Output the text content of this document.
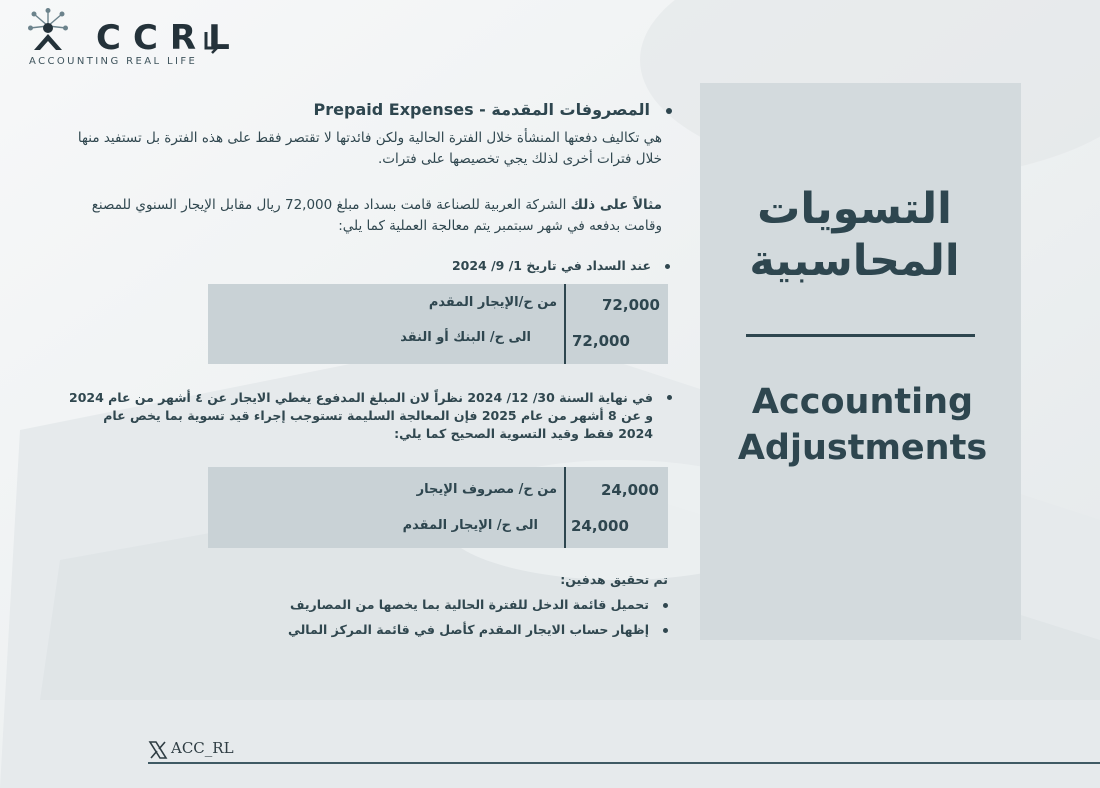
CCRL
ACCOUNTING REAL LIFE
التسويات
المحاسبية
Accounting
Adjustments
المصروفات المقدمة - Prepaid Expenses
هي تكاليف دفعتها المنشأة خلال الفترة الحالية ولكن فائدتها لا تقتصر فقط على هذه الفترة بل تستفيد منها خلال فترات أخرى لذلك يجي تخصيصها على فترات.
مثالاً على ذلك الشركة العربية للصناعة قامت بسداد مبلغ 72,000 ريال مقابل الإيجار السنوي للمصنع وقامت بدفعه في شهر سبتمبر يتم معالجة العملية كما يلي:
عند السداد في تاريخ 1/ 9/ 2024
من ح/الإيجار المقدم	72,000
الى ح/ البنك أو النقد	72,000
في نهاية السنة 30/ 12/ 2024 نظراً لان المبلغ المدفوع يغطي الايجار عن ٤ أشهر من عام 2024 و عن 8 أشهر من عام 2025 فإن المعالجة السليمة تستوجب إجراء قيد تسوية بما يخص عام 2024 فقط وقيد التسوية الصحيح كما يلي:
من ح/ مصروف الإيجار	24,000
الى ح/ الإيجار المقدم 24,000
تم تحقيق هدفين:
تحميل قائمة الدخل للفترة الحالية بما يخصها من المصاريف
إظهار حساب الايجار المقدم كأصل في قائمة المركز المالي
ACC_RL
